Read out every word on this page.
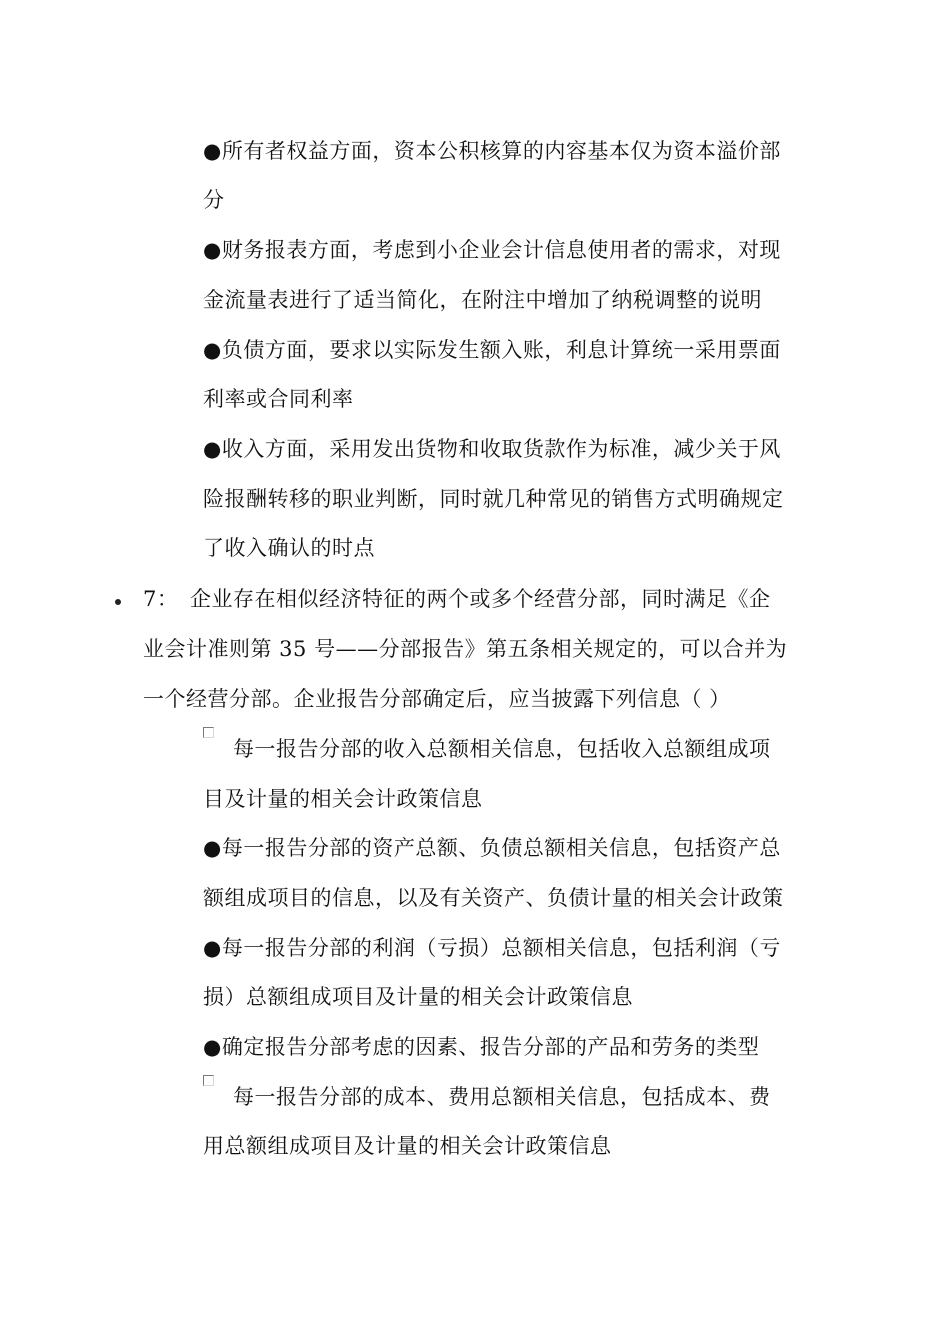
●所有者权益方面，资本公积核算的内容基本仅为资本溢价部
分
●财务报表方面，考虑到小企业会计信息使用者的需求，对现
金流量表进行了适当简化，在附注中增加了纳税调整的说明
●负债方面，要求以实际发生额入账，利息计算统一采用票面
利率或合同利率
●收入方面，采用发出货物和收取货款作为标准，减少关于风
险报酬转移的职业判断，同时就几种常见的销售方式明确规定
了收入确认的时点
7： 企业存在相似经济特征的两个或多个经营分部，同时满足《企
业会计准则第 35 号——分部报告》第五条相关规定的，可以合并为
一个经营分部。企业报告分部确定后，应当披露下列信息（ ）
每一报告分部的收入总额相关信息，包括收入总额组成项
目及计量的相关会计政策信息
●每一报告分部的资产总额、负债总额相关信息，包括资产总
额组成项目的信息，以及有关资产、负债计量的相关会计政策
●每一报告分部的利润（亏损）总额相关信息，包括利润（亏
损）总额组成项目及计量的相关会计政策信息
●确定报告分部考虑的因素、报告分部的产品和劳务的类型
每一报告分部的成本、费用总额相关信息，包括成本、费
用总额组成项目及计量的相关会计政策信息
